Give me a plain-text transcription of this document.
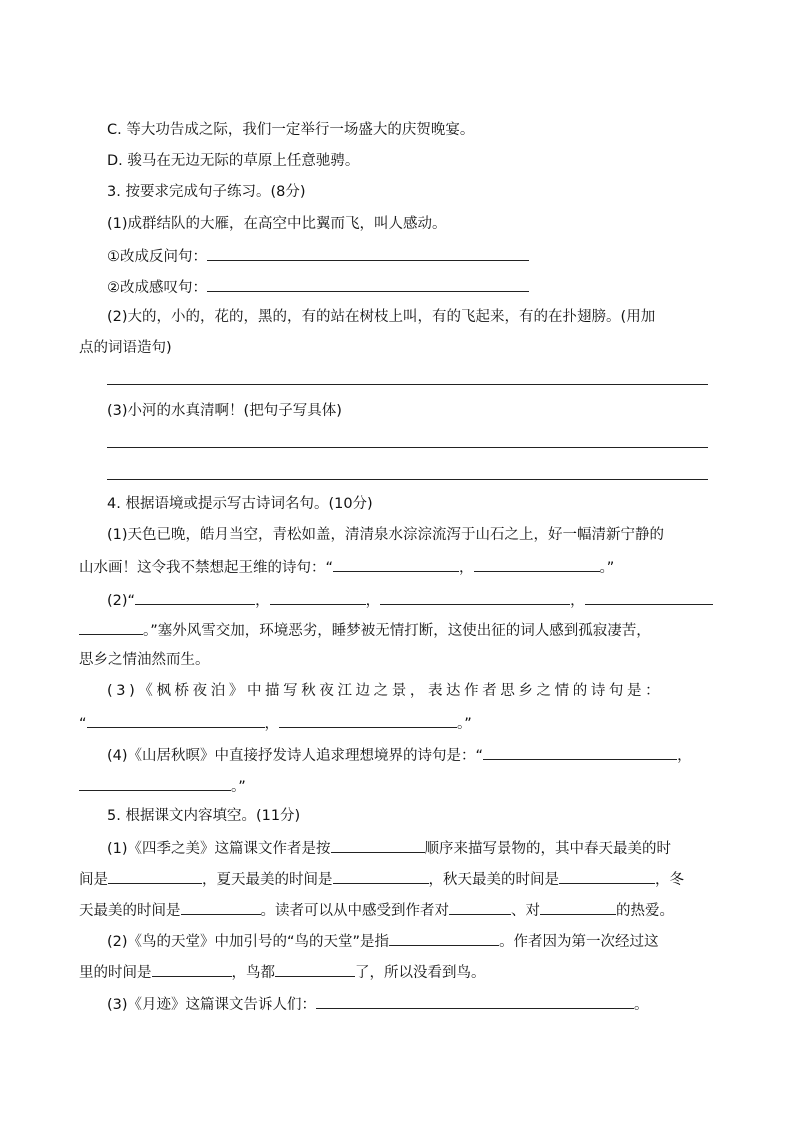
C. 等大功告成之际，我们一定举行一场盛大的庆贺晚宴。
D. 骏马在无边无际的草原上任意驰骋。
3. 按要求完成句子练习。(8分)
(1)成群结队的大雁，在高空中比翼而飞，叫人感动。
①改成反问句：
②改成感叹句：
(2)大的，小的，花的，黑的，有的站在树枝上叫，有的飞起来，有的在扑翅膀。(用加
点的词语造句)
(3)小河的水真清啊！(把句子写具体)
4. 根据语境或提示写古诗词名句。(10分)
(1)天色已晚，皓月当空，青松如盖，清清泉水淙淙流泻于山石之上，好一幅清新宁静的
山水画！这令我不禁想起王维的诗句：“	，	。”
(2)“	，	，	，
。”塞外风雪交加，环境恶劣，睡梦被无情打断，这使出征的词人感到孤寂凄苦，
思乡之情油然而生。
(3)《枫桥夜泊》中描写秋夜江边之景，表达作者思乡之情的诗句是：
“	，	。”
(4)《山居秋暝》中直接抒发诗人追求理想境界的诗句是：“	，
。”
5. 根据课文内容填空。(11分)
(1)《四季之美》这篇课文作者是按	顺序来描写景物的，其中春天最美的时
间是	，夏天最美的时间是	，秋天最美的时间是	，冬
天最美的时间是	。读者可以从中感受到作者对	、对	的热爱。
(2)《鸟的天堂》中加引号的“鸟的天堂”是指	。作者因为第一次经过这
里的时间是	，鸟都	了，所以没看到鸟。
(3)《月迹》这篇课文告诉人们：	。
